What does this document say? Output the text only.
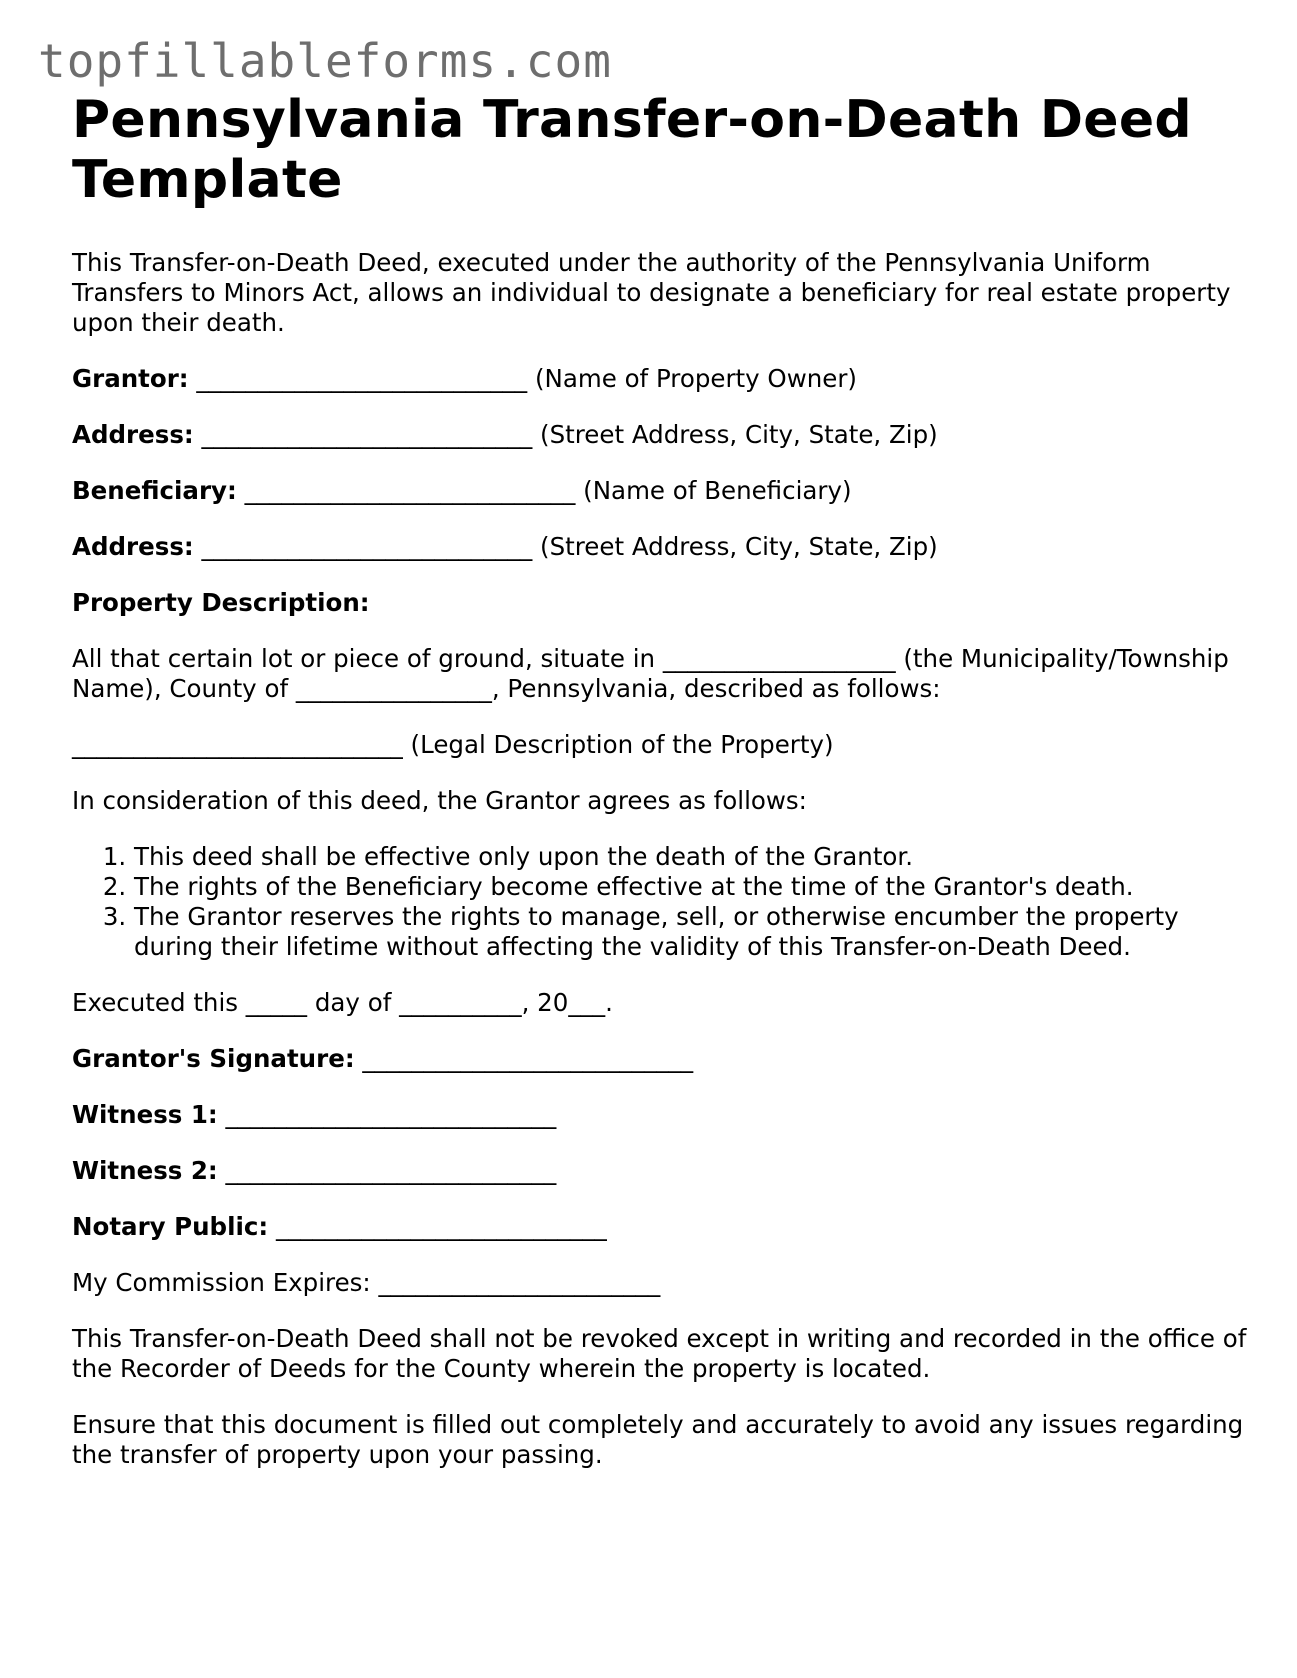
topfillableforms.com
Pennsylvania Transfer-on-Death Deed Template

This Transfer-on-Death Deed, executed under the authority of the Pennsylvania Uniform Transfers to Minors Act, allows an individual to designate a beneficiary for real estate property upon their death.

Grantor: ___________________________ (Name of Property Owner)

Address: ___________________________ (Street Address, City, State, Zip)

Beneficiary: ___________________________ (Name of Beneficiary)

Address: ___________________________ (Street Address, City, State, Zip)

Property Description:

All that certain lot or piece of ground, situate in ___________________ (the Municipality/Township Name), County of ________________, Pennsylvania, described as follows:

___________________________ (Legal Description of the Property)

In consideration of this deed, the Grantor agrees as follows:

1. This deed shall be effective only upon the death of the Grantor.
2. The rights of the Beneficiary become effective at the time of the Grantor's death.
3. The Grantor reserves the rights to manage, sell, or otherwise encumber the property during their lifetime without affecting the validity of this Transfer-on-Death Deed.

Executed this _____ day of __________, 20___.

Grantor's Signature: ___________________________

Witness 1: ___________________________

Witness 2: ___________________________

Notary Public: ___________________________

My Commission Expires: _______________________

This Transfer-on-Death Deed shall not be revoked except in writing and recorded in the office of the Recorder of Deeds for the County wherein the property is located.

Ensure that this document is filled out completely and accurately to avoid any issues regarding the transfer of property upon your passing.
